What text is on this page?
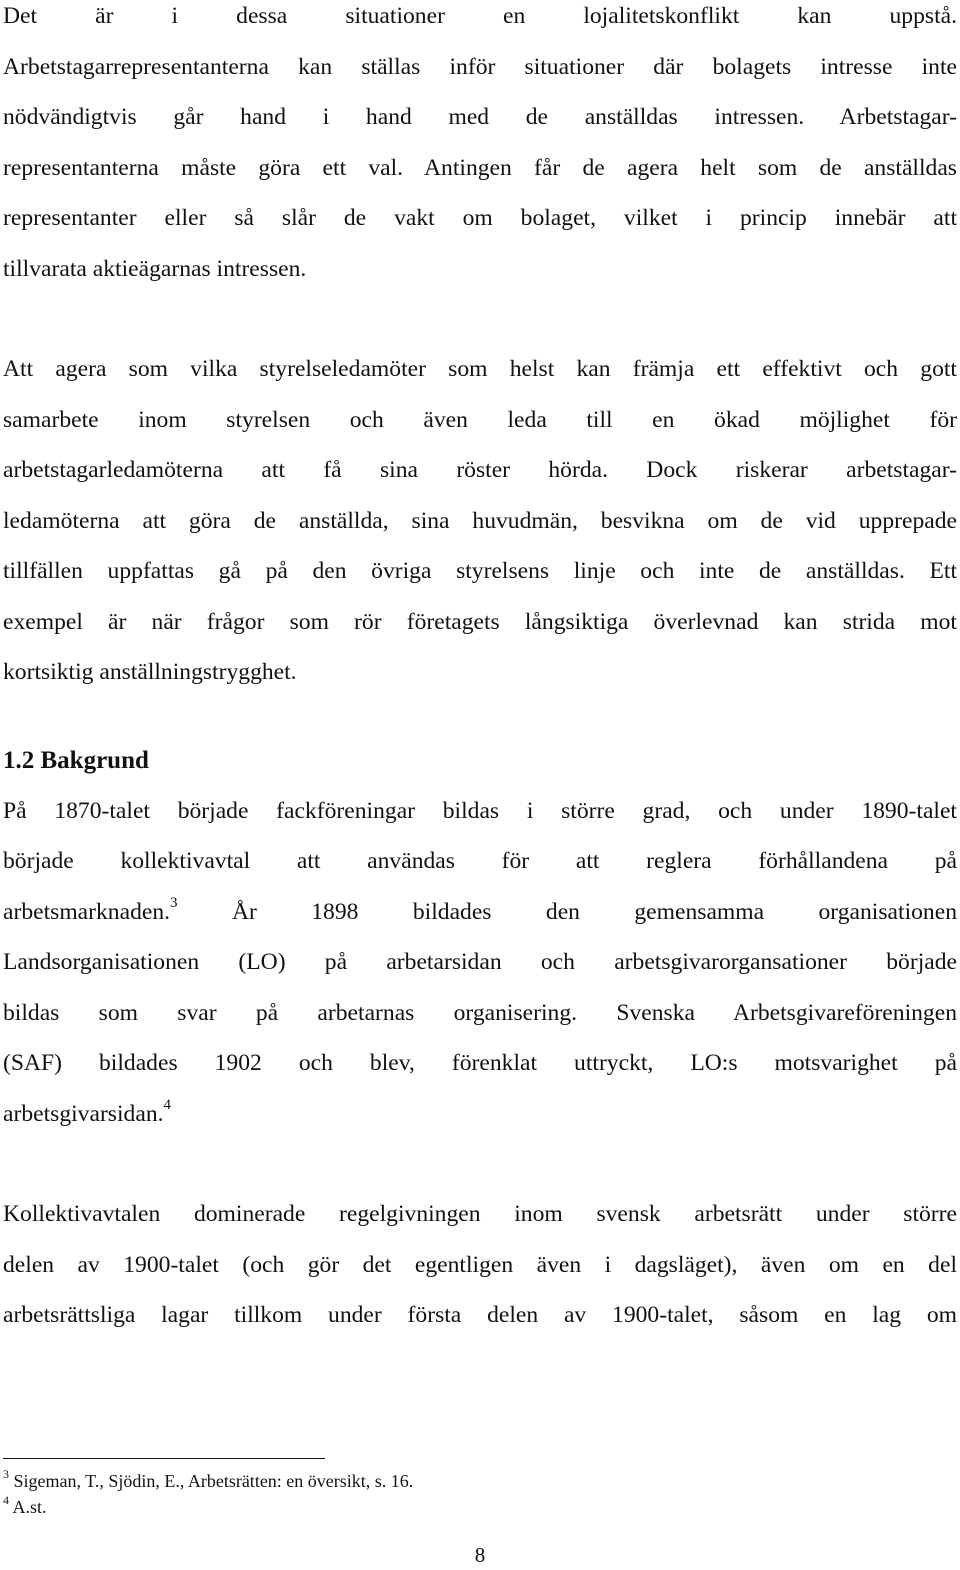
Det är i dessa situationer en lojalitetskonflikt kan uppstå.
Arbetstagarrepresentanterna kan ställas inför situationer där bolagets intresse inte
nödvändigtvis går hand i hand med de anställdas intressen. Arbetstagar-
representanterna måste göra ett val. Antingen får de agera helt som de anställdas
representanter eller så slår de vakt om bolaget, vilket i princip innebär att
tillvarata aktieägarnas intressen.
Att agera som vilka styrelseledamöter som helst kan främja ett effektivt och gott
samarbete inom styrelsen och även leda till en ökad möjlighet för
arbetstagarledamöterna att få sina röster hörda. Dock riskerar arbetstagar-
ledamöterna att göra de anställda, sina huvudmän, besvikna om de vid upprepade
tillfällen uppfattas gå på den övriga styrelsens linje och inte de anställdas. Ett
exempel är när frågor som rör företagets långsiktiga överlevnad kan strida mot
kortsiktig anställningstrygghet.
1.2 Bakgrund
På 1870-talet började fackföreningar bildas i större grad, och under 1890-talet
började kollektivavtal att användas för att reglera förhållandena på
arbetsmarknaden.$^3$ År 1898 bildades den gemensamma organisationen
Landsorganisationen (LO) på arbetarsidan och arbetsgivarorgansationer började
bildas som svar på arbetarnas organisering. Svenska Arbetsgivareföreningen
(SAF) bildades 1902 och blev, förenklat uttryckt, LO:s motsvarighet på
arbetsgivarsidan.$^4$
Kollektivavtalen dominerade regelgivningen inom svensk arbetsrätt under större
delen av 1900-talet (och gör det egentligen även i dagsläget), även om en del
arbetsrättsliga lagar tillkom under första delen av 1900-talet, såsom en lag om
$^3$ Sigeman, T., Sjödin, E., Arbetsrätten: en översikt, s. 16.
$^4$ A.st.
8
